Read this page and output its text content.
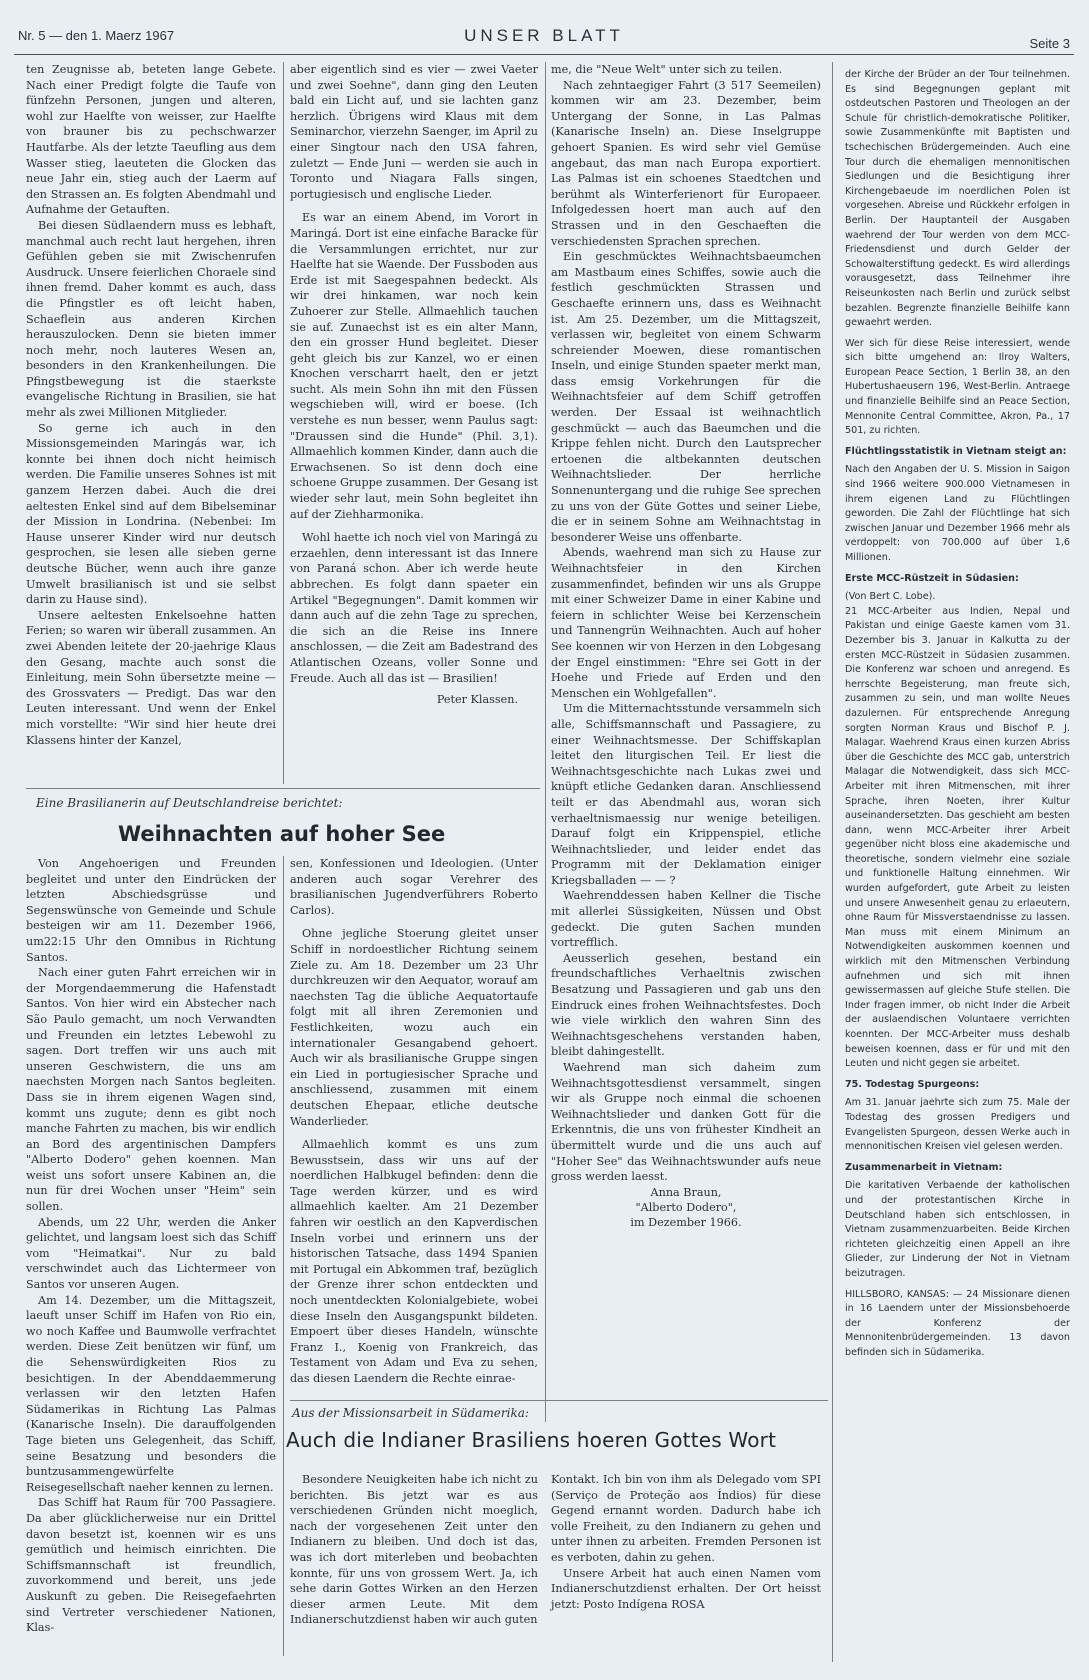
Nr. 5 — den 1. Maerz 1967	UNSER BLATT	Seite 3

ten Zeugnisse ab, beteten lange Gebete. Nach einer Predigt folgte die Taufe von fünfzehn Personen, jungen und alteren, wohl zur Haelfte von weisser, zur Haelfte von brauner bis zu pechschwarzer Hautfarbe. Als der letzte Taeufling aus dem Wasser stieg, laeuteten die Glocken das neue Jahr ein, stieg auch der Laerm auf den Strassen an. Es folgten Abendmahl und Aufnahme der Getauften.

Bei diesen Südlaendern muss es lebhaft, manchmal auch recht laut hergehen, ihren Gefühlen geben sie mit Zwischenrufen Ausdruck. Unsere feierlichen Choraele sind ihnen fremd. Daher kommt es auch, dass die Pfingstler es oft leicht haben, Schaeflein aus anderen Kirchen herauszulocken. Denn sie bieten immer noch mehr, noch lauteres Wesen an, besonders in den Krankenheilungen. Die Pfingstbewegung ist die staerkste evangelische Richtung in Brasilien, sie hat mehr als zwei Millionen Mitglieder.

So gerne ich auch in den Missionsgemeinden Maringás war, ich konnte bei ihnen doch nicht heimisch werden. Die Familie unseres Sohnes ist mit ganzem Herzen dabei. Auch die drei aeltesten Enkel sind auf dem Bibelseminar der Mission in Londrina. (Nebenbei: Im Hause unserer Kinder wird nur deutsch gesprochen, sie lesen alle sieben gerne deutsche Bücher, wenn auch ihre ganze Umwelt brasilianisch ist und sie selbst darin zu Hause sind).

Unsere aeltesten Enkelsoehne hatten Ferien; so waren wir überall zusammen. An zwei Abenden leitete der 20-jaehrige Klaus den Gesang, machte auch sonst die Einleitung, mein Sohn übersetzte meine — des Grossvaters — Predigt. Das war den Leuten interessant. Und wenn der Enkel mich vorstellte: "Wir sind hier heute drei Klassens hinter der Kanzel,

aber eigentlich sind es vier — zwei Vaeter und zwei Soehne", dann ging den Leuten bald ein Licht auf, und sie lachten ganz herzlich. Übrigens wird Klaus mit dem Seminarchor, vierzehn Saenger, im April zu einer Singtour nach den USA fahren, zuletzt — Ende Juni — werden sie auch in Toronto und Niagara Falls singen, portugiesisch und englische Lieder.

Es war an einem Abend, im Vorort in Maringá. Dort ist eine einfache Baracke für die Versammlungen errichtet, nur zur Haelfte hat sie Waende. Der Fussboden aus Erde ist mit Saegespahnen bedeckt. Als wir drei hinkamen, war noch kein Zuhoerer zur Stelle. Allmaehlich tauchen sie auf. Zunaechst ist es ein alter Mann, den ein grosser Hund begleitet. Dieser geht gleich bis zur Kanzel, wo er einen Knochen verscharrt haelt, den er jetzt sucht. Als mein Sohn ihn mit den Füssen wegschieben will, wird er boese. (Ich verstehe es nun besser, wenn Paulus sagt: "Draussen sind die Hunde" (Phil. 3,1). Allmaehlich kommen Kinder, dann auch die Erwachsenen. So ist denn doch eine schoene Gruppe zusammen. Der Gesang ist wieder sehr laut, mein Sohn begleitet ihn auf der Ziehharmonika.

Wohl haette ich noch viel von Maringá zu erzaehlen, denn interessant ist das Innere von Paraná schon. Aber ich werde heute abbrechen. Es folgt dann spaeter ein Artikel "Begegnungen". Damit kommen wir dann auch auf die zehn Tage zu sprechen, die sich an die Reise ins Innere anschlossen, — die Zeit am Badestrand des Atlantischen Ozeans, voller Sonne und Freude. Auch all das ist — Brasilien!

Peter Klassen.

me, die "Neue Welt" unter sich zu teilen.

Nach zehntaegiger Fahrt (3 517 Seemeilen) kommen wir am 23. Dezember, beim Untergang der Sonne, in Las Palmas (Kanarische Inseln) an. Diese Inselgruppe gehoert Spanien. Es wird sehr viel Gemüse angebaut, das man nach Europa exportiert. Las Palmas ist ein schoenes Staedtchen und berühmt als Winterferienort für Europaeer. Infolgedessen hoert man auch auf den Strassen und in den Geschaeften die verschiedensten Sprachen sprechen.

Ein geschmücktes Weihnachtsbaeumchen am Mastbaum eines Schiffes, sowie auch die festlich geschmückten Strassen und Geschaefte erinnern uns, dass es Weihnacht ist. Am 25. Dezember, um die Mittagszeit, verlassen wir, begleitet von einem Schwarm schreiender Moewen, diese romantischen Inseln, und einige Stunden spaeter merkt man, dass emsig Vorkehrungen für die Weihnachtsfeier auf dem Schiff getroffen werden. Der Essaal ist weihnachtlich geschmückt — auch das Baeumchen und die Krippe fehlen nicht. Durch den Lautsprecher ertoenen die altbekannten deutschen Weihnachtslieder. Der herrliche Sonnenuntergang und die ruhige See sprechen zu uns von der Güte Gottes und seiner Liebe, die er in seinem Sohne am Weihnachtstag in besonderer Weise uns offenbarte.

Abends, waehrend man sich zu Hause zur Weihnachtsfeier in den Kirchen zusammenfindet, befinden wir uns als Gruppe mit einer Schweizer Dame in einer Kabine und feiern in schlichter Weise bei Kerzenschein und Tannengrün Weihnachten. Auch auf hoher See koennen wir von Herzen in den Lobgesang der Engel einstimmen: "Ehre sei Gott in der Hoehe und Friede auf Erden und den Menschen ein Wohlgefallen".

Um die Mitternachtsstunde versammeln sich alle, Schiffsmannschaft und Passagiere, zu einer Weihnachtsmesse. Der Schiffskaplan leitet den liturgischen Teil. Er liest die Weihnachtsgeschichte nach Lukas zwei und knüpft etliche Gedanken daran. Anschliessend teilt er das Abendmahl aus, woran sich verhaeltnismaessig nur wenige beteiligen. Darauf folgt ein Krippenspiel, etliche Weihnachtslieder, und leider endet das Programm mit der Deklamation einiger Kriegsballaden — — ?

Waehrenddessen haben Kellner die Tische mit allerlei Süssigkeiten, Nüssen und Obst gedeckt. Die guten Sachen munden vortrefflich.

Aeusserlich gesehen, bestand ein freundschaftliches Verhaeltnis zwischen Besatzung und Passagieren und gab uns den Eindruck eines frohen Weihnachtsfestes. Doch wie viele wirklich den wahren Sinn des Weihnachtsgeschehens verstanden haben, bleibt dahingestellt.

Waehrend man sich daheim zum Weihnachtsgottesdienst versammelt, singen wir als Gruppe noch einmal die schoenen Weihnachtslieder und danken Gott für die Erkenntnis, die uns von frühester Kindheit an übermittelt wurde und die uns auch auf "Hoher See" das Weihnachtswunder aufs neue gross werden laesst.

Anna Braun,

"Alberto Dodero",

im Dezember 1966.

der Kirche der Brüder an der Tour teilnehmen. Es sind Begegnungen geplant mit ostdeutschen Pastoren und Theologen an der Schule für christlich-demokratische Politiker, sowie Zusammenkünfte mit Baptisten und tschechischen Brüdergemeinden. Auch eine Tour durch die ehemaligen mennonitischen Siedlungen und die Besichtigung ihrer Kirchengebaeude im noerdlichen Polen ist vorgesehen. Abreise und Rückkehr erfolgen in Berlin. Der Hauptanteil der Ausgaben waehrend der Tour werden von dem MCC-Friedensdienst und durch Gelder der Schowalterstiftung gedeckt. Es wird allerdings vorausgesetzt, dass Teilnehmer ihre Reiseunkosten nach Berlin und zurück selbst bezahlen. Begrenzte finanzielle Beihilfe kann gewaehrt werden.

Wer sich für diese Reise interessiert, wende sich bitte umgehend an: Ilroy Walters, European Peace Section, 1 Berlin 38, an den Hubertushaeusern 196, West-Berlin. Antraege und finanzielle Beihilfe sind an Peace Section, Mennonite Central Committee, Akron, Pa., 17 501, zu richten.

Flüchtlingsstatistik in Vietnam steigt an:

Nach den Angaben der U. S. Mission in Saigon sind 1966 weitere 900.000 Vietnamesen in ihrem eigenen Land zu Flüchtlingen geworden. Die Zahl der Flüchtlinge hat sich zwischen Januar und Dezember 1966 mehr als verdoppelt: von 700.000 auf über 1,6 Millionen.

Erste MCC-Rüstzeit in Südasien:

(Von Bert C. Lobe).

21 MCC-Arbeiter aus Indien, Nepal und Pakistan und einige Gaeste kamen vom 31. Dezember bis 3. Januar in Kalkutta zu der ersten MCC-Rüstzeit in Südasien zusammen. Die Konferenz war schoen und anregend. Es herrschte Begeisterung, man freute sich, zusammen zu sein, und man wollte Neues dazulernen. Für entsprechende Anregung sorgten Norman Kraus und Bischof P. J. Malagar. Waehrend Kraus einen kurzen Abriss über die Geschichte des MCC gab, unterstrich Malagar die Notwendigkeit, dass sich MCC-Arbeiter mit ihren Mitmenschen, mit ihrer Sprache, ihren Noeten, ihrer Kultur auseinandersetzten. Das geschieht am besten dann, wenn MCC-Arbeiter ihrer Arbeit gegenüber nicht bloss eine akademische und theoretische, sondern vielmehr eine soziale und funktionelle Haltung einnehmen. Wir wurden aufgefordert, gute Arbeit zu leisten und unsere Anwesenheit genau zu erlaeutern, ohne Raum für Missverstaendnisse zu lassen. Man muss mit einem Minimum an Notwendigkeiten auskommen koennen und wirklich mit den Mitmenschen Verbindung aufnehmen und sich mit ihnen gewissermassen auf gleiche Stufe stellen. Die Inder fragen immer, ob nicht Inder die Arbeit der auslaendischen Voluntaere verrichten koennten. Der MCC-Arbeiter muss deshalb beweisen koennen, dass er für und mit den Leuten und nicht gegen sie arbeitet.

75. Todestag Spurgeons:

Am 31. Januar jaehrte sich zum 75. Male der Todestag des grossen Predigers und Evangelisten Spurgeon, dessen Werke auch in mennonitischen Kreisen viel gelesen werden.

Zusammenarbeit in Vietnam:

Die karitativen Verbaende der katholischen und der protestantischen Kirche in Deutschland haben sich entschlossen, in Vietnam zusammenzuarbeiten. Beide Kirchen richteten gleichzeitig einen Appell an ihre Glieder, zur Linderung der Not in Vietnam beizutragen.

HILLSBORO, KANSAS: — 24 Missionare dienen in 16 Laendern unter der Missionsbehoerde der Konferenz der Mennonitenbrüdergemeinden. 13 davon befinden sich in Südamerika.

Eine Brasilianerin auf Deutschlandreise berichtet:
Weihnachten auf hoher See

Von Angehoerigen und Freunden begleitet und unter den Eindrücken der letzten Abschiedsgrüsse und Segenswünsche von Gemeinde und Schule besteigen wir am 11. Dezember 1966, um22:15 Uhr den Omnibus in Richtung Santos.

Nach einer guten Fahrt erreichen wir in der Morgendaemmerung die Hafenstadt Santos. Von hier wird ein Abstecher nach São Paulo gemacht, um noch Verwandten und Freunden ein letztes Lebewohl zu sagen. Dort treffen wir uns auch mit unseren Geschwistern, die uns am naechsten Morgen nach Santos begleiten. Dass sie in ihrem eigenen Wagen sind, kommt uns zugute; denn es gibt noch manche Fahrten zu machen, bis wir endlich an Bord des argentinischen Dampfers "Alberto Dodero" gehen koennen. Man weist uns sofort unsere Kabinen an, die nun für drei Wochen unser "Heim" sein sollen.

Abends, um 22 Uhr, werden die Anker gelichtet, und langsam loest sich das Schiff vom "Heimatkai". Nur zu bald verschwindet auch das Lichtermeer von Santos vor unseren Augen.

Am 14. Dezember, um die Mittagszeit, laeuft unser Schiff im Hafen von Rio ein, wo noch Kaffee und Baumwolle verfrachtet werden. Diese Zeit benützen wir fünf, um die Sehenswürdigkeiten Rios zu besichtigen. In der Abenddaemmerung verlassen wir den letzten Hafen Südamerikas in Richtung Las Palmas (Kanarische Inseln). Die darauffolgenden Tage bieten uns Gelegenheit, das Schiff, seine Besatzung und besonders die buntzusammengewürfelte Reisegesellschaft naeher kennen zu lernen.

Das Schiff hat Raum für 700 Passagiere. Da aber glücklicherweise nur ein Drittel davon besetzt ist, koennen wir es uns gemütlich und heimisch einrichten. Die Schiffsmannschaft ist freundlich, zuvorkommend und bereit, uns jede Auskunft zu geben. Die Reisegefaehrten sind Vertreter verschiedener Nationen, Klas-

sen, Konfessionen und Ideologien. (Unter anderen auch sogar Verehrer des brasilianischen Jugendverführers Roberto Carlos).

Ohne jegliche Stoerung gleitet unser Schiff in nordoestlicher Richtung seinem Ziele zu. Am 18. Dezember um 23 Uhr durchkreuzen wir den Aequator, worauf am naechsten Tag die übliche Aequatortaufe folgt mit all ihren Zeremonien und Festlichkeiten, wozu auch ein internationaler Gesangabend gehoert. Auch wir als brasilianische Gruppe singen ein Lied in portugiesischer Sprache und anschliessend, zusammen mit einem deutschen Ehepaar, etliche deutsche Wanderlieder.

Allmaehlich kommt es uns zum Bewusstsein, dass wir uns auf der noerdlichen Halbkugel befinden: denn die Tage werden kürzer, und es wird allmaehlich kaelter. Am 21 Dezember fahren wir oestlich an den Kapverdischen Inseln vorbei und erinnern uns der historischen Tatsache, dass 1494 Spanien mit Portugal ein Abkommen traf, bezüglich der Grenze ihrer schon entdeckten und noch unentdeckten Kolonialgebiete, wobei diese Inseln den Ausgangspunkt bildeten. Empoert über dieses Handeln, wünschte Franz I., Koenig von Frankreich, das Testament von Adam und Eva zu sehen, das diesen Laendern die Rechte einrae-

Aus der Missionsarbeit in Südamerika:
Auch die Indianer Brasiliens hoeren Gottes Wort

Besondere Neuigkeiten habe ich nicht zu berichten. Bis jetzt war es aus verschiedenen Gründen nicht moeglich, nach der vorgesehenen Zeit unter den Indianern zu bleiben. Und doch ist das, was ich dort miterleben und beobachten konnte, für uns von grossem Wert. Ja, ich sehe darin Gottes Wirken an den Herzen dieser armen Leute. Mit dem Indianerschutzdienst haben wir auch guten

Kontakt. Ich bin von ihm als Delegado vom SPI (Serviço de Proteção aos Índios) für diese Gegend ernannt worden. Dadurch habe ich volle Freiheit, zu den Indianern zu gehen und unter ihnen zu arbeiten. Fremden Personen ist es verboten, dahin zu gehen.

Unsere Arbeit hat auch einen Namen vom Indianerschutzdienst erhalten. Der Ort heisst jetzt: Posto Indígena ROSA
